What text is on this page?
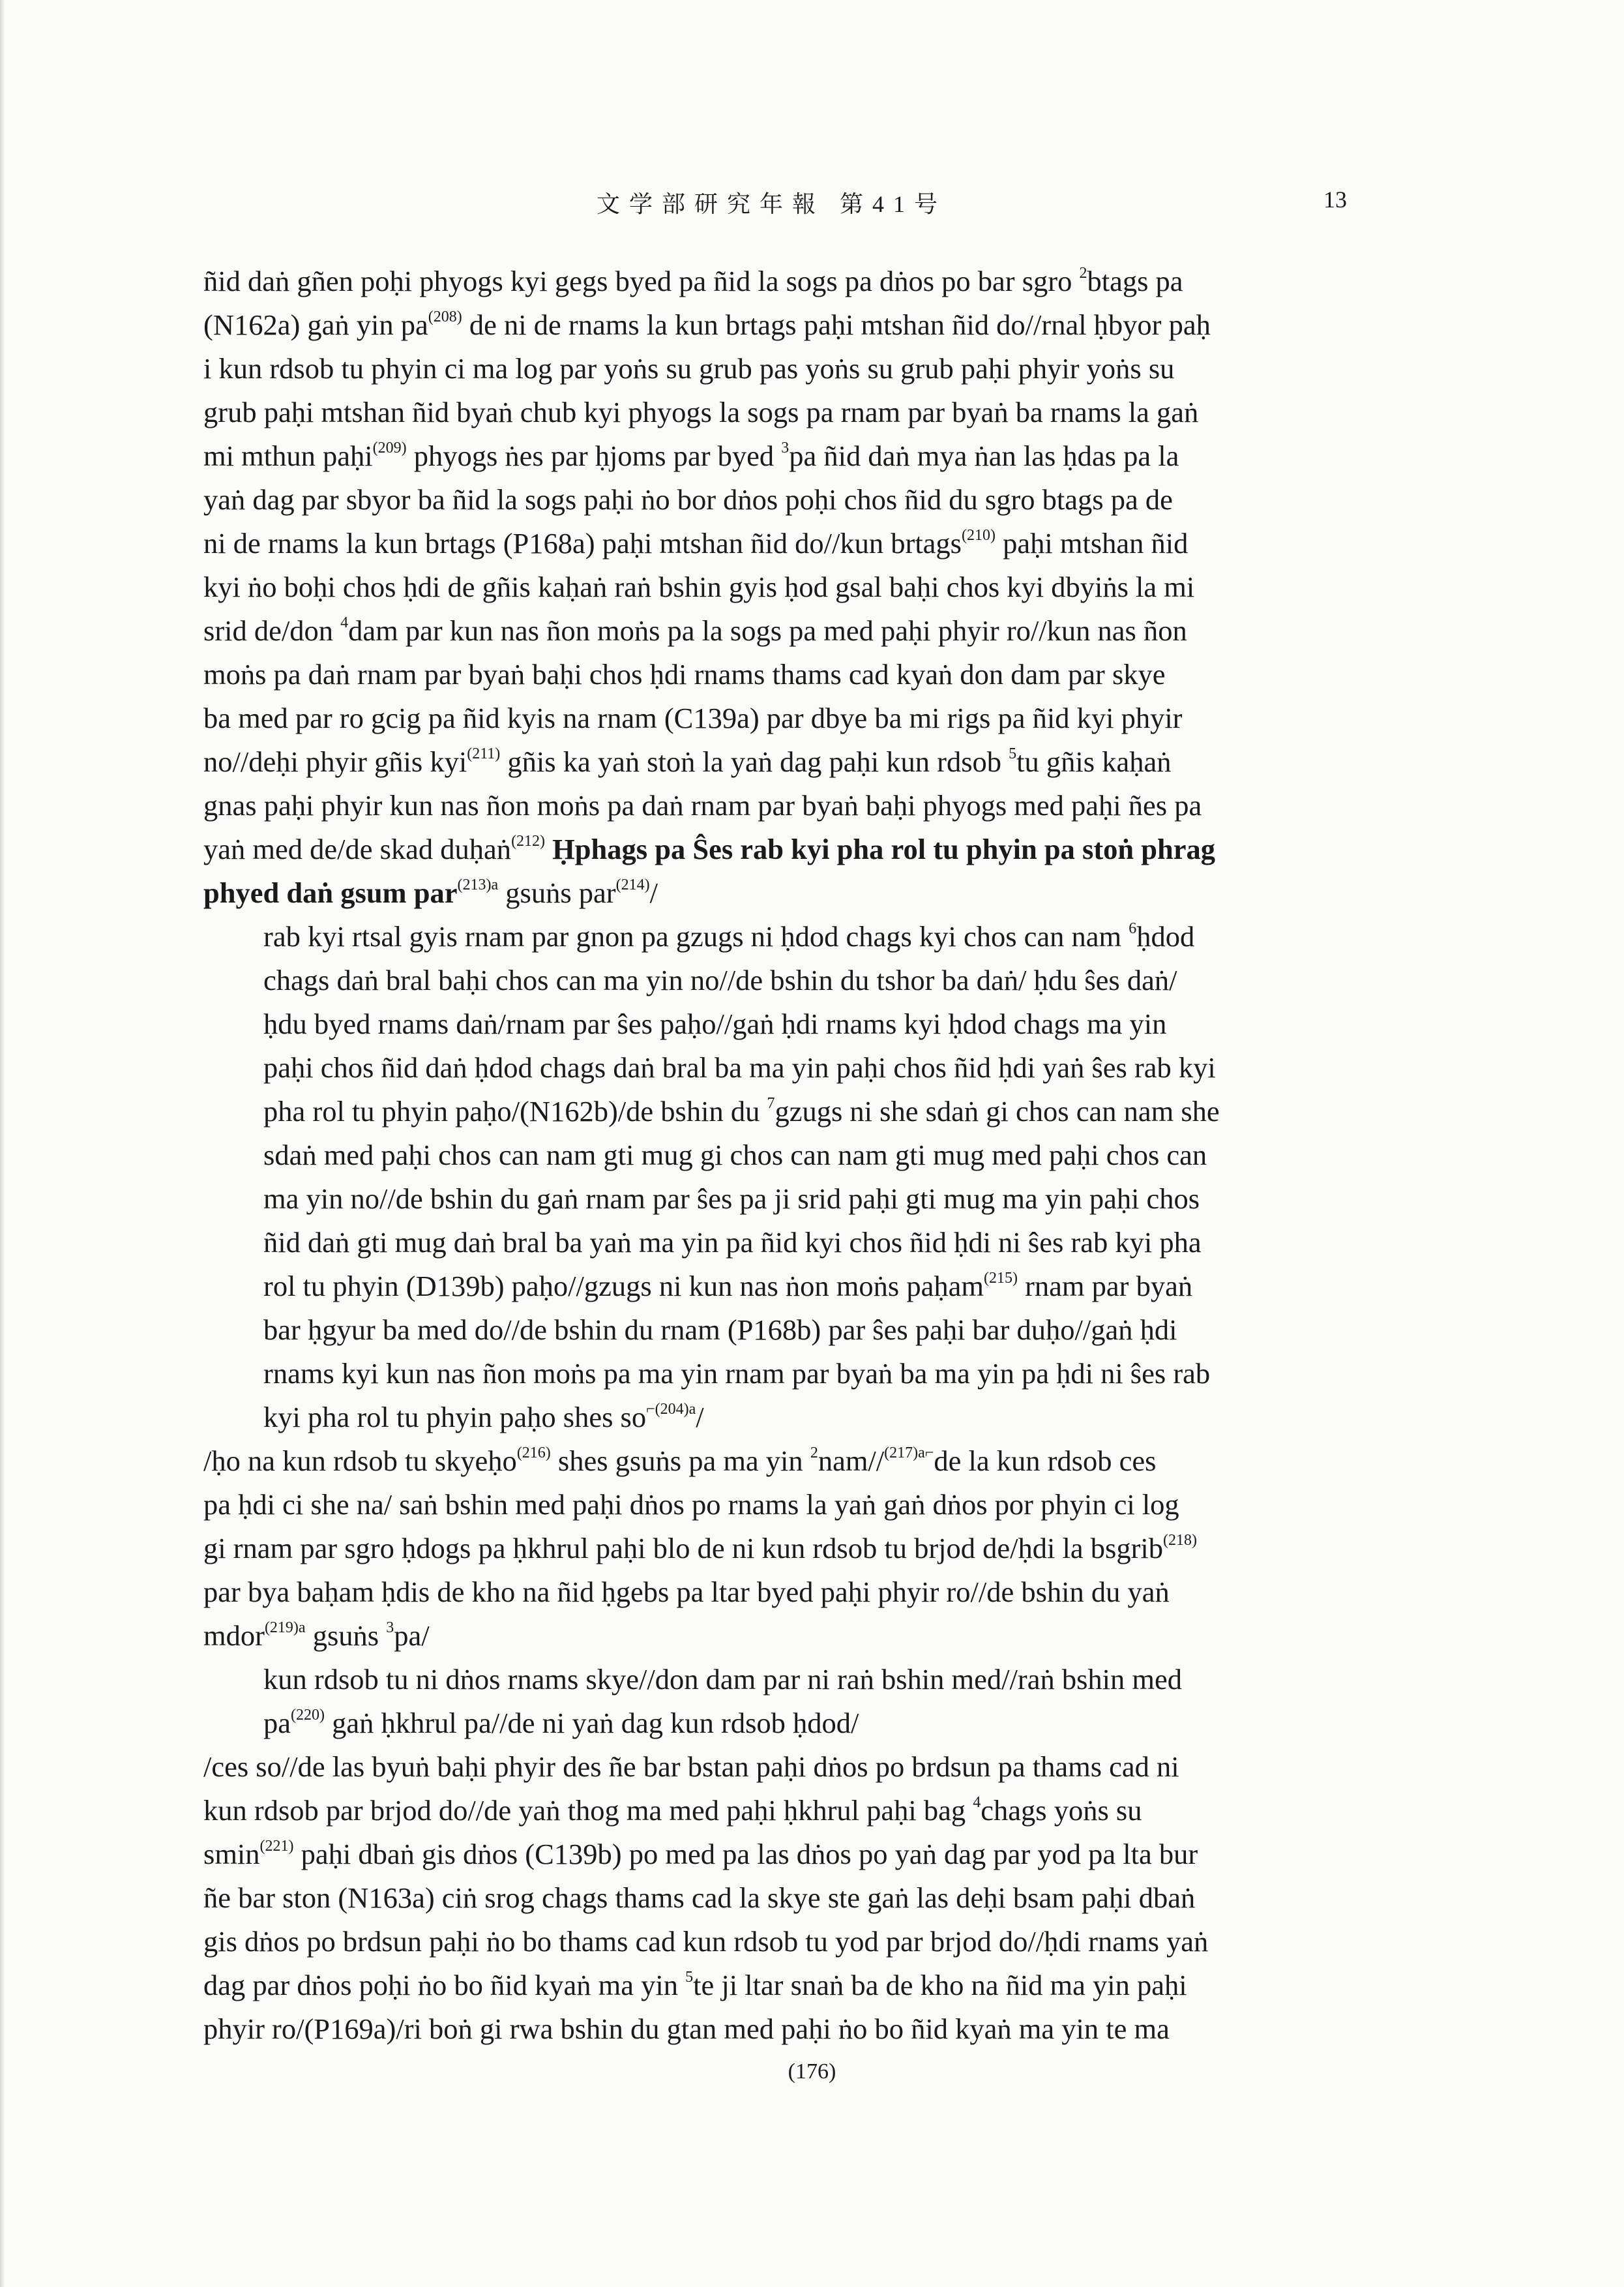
文学部研究年報 第41号	13
ñid daṅ gñen poḥi phyogs kyi gegs byed pa ñid la sogs pa dṅos po bar sgro $^2$btags pa
(N162a) gaṅ yin $pa^{(208)}$ de ni de rnams la kun brtags paḥi mtshan ñid do//rnal ḥbyor paḥ
i kun rdsob tu phyin ci ma log par yoṅs su grub pas yoṅs su grub paḥi phyir yoṅs su
grub paḥi mtshan ñid byaṅ chub kyi phyogs la sogs pa rnam par byaṅ ba rnams la gaṅ
mi mthun paḥi$^{(209)}$ phyogs ṅes par ḥjoms par byed $^3$pa ñid daṅ mya ṅan las ḥdas pa la
yaṅ dag par sbyor ba ñid la sogs paḥi ṅo bor dṅos poḥi chos ñid du sgro btags pa de
ni de rnams la kun brtags (P168a) paḥi mtshan ñid do//kun brtags$^{(210)}$ paḥi mtshan ñid
kyi ṅo boḥi chos ḥdi de gñis kaḥaṅ raṅ bshin gyis ḥod gsal baḥi chos kyi dbyiṅs la mi
srid de/don $^4$dam par kun nas ñon moṅs pa la sogs pa med paḥi phyir ro//kun nas ñon
moṅs pa daṅ rnam par byaṅ baḥi chos ḥdi rnams thams cad kyaṅ don dam par skye
ba med par ro gcig pa ñid kyis na rnam (C139a) par dbye ba mi rigs pa ñid kyi phyir
no//deḥi phyir gñis kyi$^{(211)}$ gñis ka yaṅ stoṅ la yaṅ dag paḥi kun rdsob $^5$tu gñis kaḥaṅ
gnas paḥi phyir kun nas ñon moṅs pa daṅ rnam par byaṅ baḥi phyogs med paḥi ñes pa
yaṅ med de/de skad duḥaṅ$^{(212)}$ Ḥphags pa Ŝes rab kyi pha rol tu phyin pa stoṅ phrag
phyed daṅ gsum par$^{(213)a}$ gsuṅs par$^{(214)}$/
rab kyi rtsal gyis rnam par gnon pa gzugs ni ḥdod chags kyi chos can nam $^6$ḥdod
chags daṅ bral baḥi chos can ma yin no//de bshin du tshor ba daṅ/ ḥdu ŝes daṅ/
ḥdu byed rnams daṅ/rnam par ŝes paḥo//gaṅ ḥdi rnams kyi ḥdod chags ma yin
paḥi chos ñid daṅ ḥdod chags daṅ bral ba ma yin paḥi chos ñid ḥdi yaṅ ŝes rab kyi
pha rol tu phyin paḥo/(N162b)/de bshin du $^7$gzugs ni she sdaṅ gi chos can nam she
sdaṅ med paḥi chos can nam gti mug gi chos can nam gti mug med paḥi chos can
ma yin no//de bshin du gaṅ rnam par ŝes pa ji srid paḥi gti mug ma yin paḥi chos
ñid daṅ gti mug daṅ bral ba yaṅ ma yin pa ñid kyi chos ñid ḥdi ni ŝes rab kyi pha
rol tu phyin (D139b) paḥo//gzugs ni kun nas ṅon moṅs paḥam$^{(215)}$ rnam par byaṅ
bar ḥgyur ba med do//de bshin du rnam (P168b) par ŝes paḥi bar duḥo//gaṅ ḥdi
rnams kyi kun nas ñon moṅs pa ma yin rnam par byaṅ ba ma yin pa ḥdi ni ŝes rab
kyi pha rol tu phyin paḥo shes $so^{⌐(204)a}/$
/ḥo na kun rdsob tu skyeḥo$^{(216)}$ shes gsuṅs pa ma yin $^2$nam//$^{(217)a⌐}$de la kun rdsob ces
pa ḥdi ci she na/ saṅ bshin med paḥi dṅos po rnams la yaṅ gaṅ dṅos por phyin ci log
gi rnam par sgro ḥdogs pa ḥkhrul paḥi blo de ni kun rdsob tu brjod de/ḥdi la bsgrib$^{(218)}$
par bya baḥam ḥdis de kho na ñid ḥgebs pa ltar byed paḥi phyir ro//de bshin du yaṅ
mdor$^{(219)a}$ gsuṅs $^3$pa/
kun rdsob tu ni dṅos rnams skye//don dam par ni raṅ bshin med//raṅ bshin med
$pa^{(220)}$ gaṅ ḥkhrul pa//de ni yaṅ dag kun rdsob ḥdod/
/ces so//de las byuṅ baḥi phyir des ñe bar bstan paḥi dṅos po brdsun pa thams cad ni
kun rdsob par brjod do//de yaṅ thog ma med paḥi ḥkhrul paḥi bag $^4$chags yoṅs su
smin$^{(221)}$ paḥi dbaṅ gis dṅos (C139b) po med pa las dṅos po yaṅ dag par yod pa lta bur
ñe bar ston (N163a) ciṅ srog chags thams cad la skye ste gaṅ las deḥi bsam paḥi dbaṅ
gis dṅos po brdsun paḥi ṅo bo thams cad kun rdsob tu yod par brjod do//ḥdi rnams yaṅ
dag par dṅos poḥi ṅo bo ñid kyaṅ ma yin $^5$te ji ltar snaṅ ba de kho na ñid ma yin paḥi
phyir ro/(P169a)/ri boṅ gi rwa bshin du gtan med paḥi ṅo bo ñid kyaṅ ma yin te ma
(176)
